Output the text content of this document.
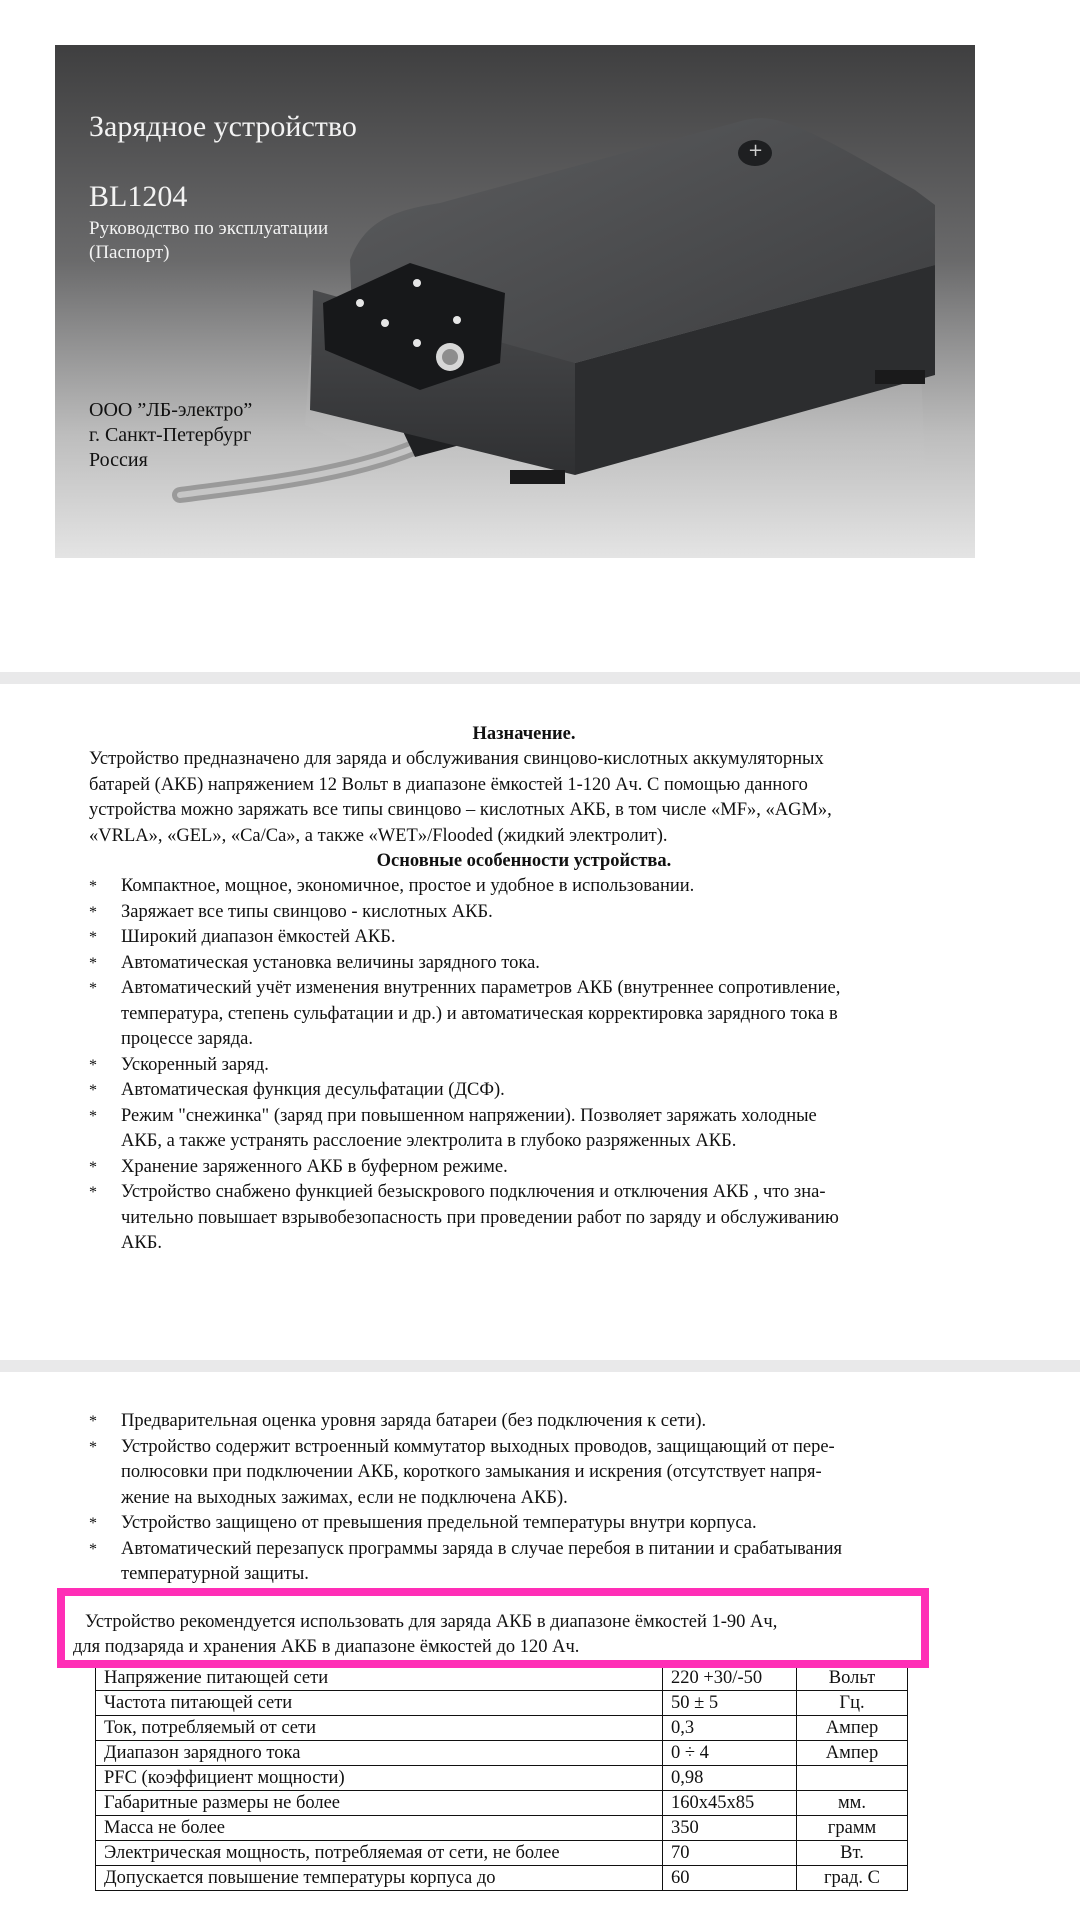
+
Зарядное устройство
BL1204
Руководство по эксплуатации
(Паспорт)
ООО ”ЛБ-электро”
г. Санкт-Петербург
Россия
Назначение.
Устройство предназначено для заряда и обслуживания свинцово-кислотных аккумуляторных
батарей (АКБ) напряжением 12 Вольт в диапазоне ёмкостей 1-120 Ач. С помощью данного
устройства можно заряжать все типы свинцово – кислотных АКБ, в том числе «MF», «AGM»,
«VRLA», «GEL», «Ca/Ca», а также «WET»/Flooded (жидкий электролит).
Основные особенности устройства.
* Компактное, мощное, экономичное, простое и удобное в использовании.
* Заряжает все типы свинцово - кислотных АКБ.
* Широкий диапазон ёмкостей АКБ.
* Автоматическая установка величины зарядного тока.
* Автоматический учёт изменения внутренних параметров АКБ (внутреннее сопротивление,
температура, степень сульфатации и др.) и автоматическая корректировка зарядного тока в
процессе заряда.
* Ускоренный заряд.
* Автоматическая функция десульфатации (ДСФ).
* Режим "снежинка" (заряд при повышенном напряжении). Позволяет заряжать холодные
АКБ, а также устранять расслоение электролита в глубоко разряженных АКБ.
* Хранение заряженного АКБ в буферном режиме.
* Устройство снабжено функцией безыскрового подключения и отключения АКБ , что зна-
чительно повышает взрывобезопасность при проведении работ по заряду и обслуживанию
АКБ.
* Предварительная оценка уровня заряда батареи (без подключения к сети).
* Устройство содержит встроенный коммутатор выходных проводов, защищающий от пере-
полюсовки при подключении АКБ, короткого замыкания и искрения (отсутствует напря-
жение на выходных зажимах, если не подключена АКБ).
* Устройство защищено от превышения предельной температуры внутри корпуса.
* Автоматический перезапуск программы заряда в случае перебоя в питании и срабатывания
температурной защиты.
Напряжение питающей сети	220 +30/-50	Вольт
Частота питающей сети	50 ± 5	Гц.
Ток, потребляемый от сети	0,3	Ампер
Диапазон зарядного тока	0 ÷ 4	Ампер
PFC (коэффициент мощности)	0,98	
Габаритные размеры не более	160x45x85	мм.
Масса не более	350	грамм
Электрическая мощность, потребляемая от сети, не более	70	Вт.
Допускается повышение температуры корпуса до	60	град. С
Устройство рекомендуется использовать для заряда АКБ в диапазоне ёмкостей 1-90 Ач,
для подзаряда и хранения АКБ в диапазоне ёмкостей до 120 Ач.
